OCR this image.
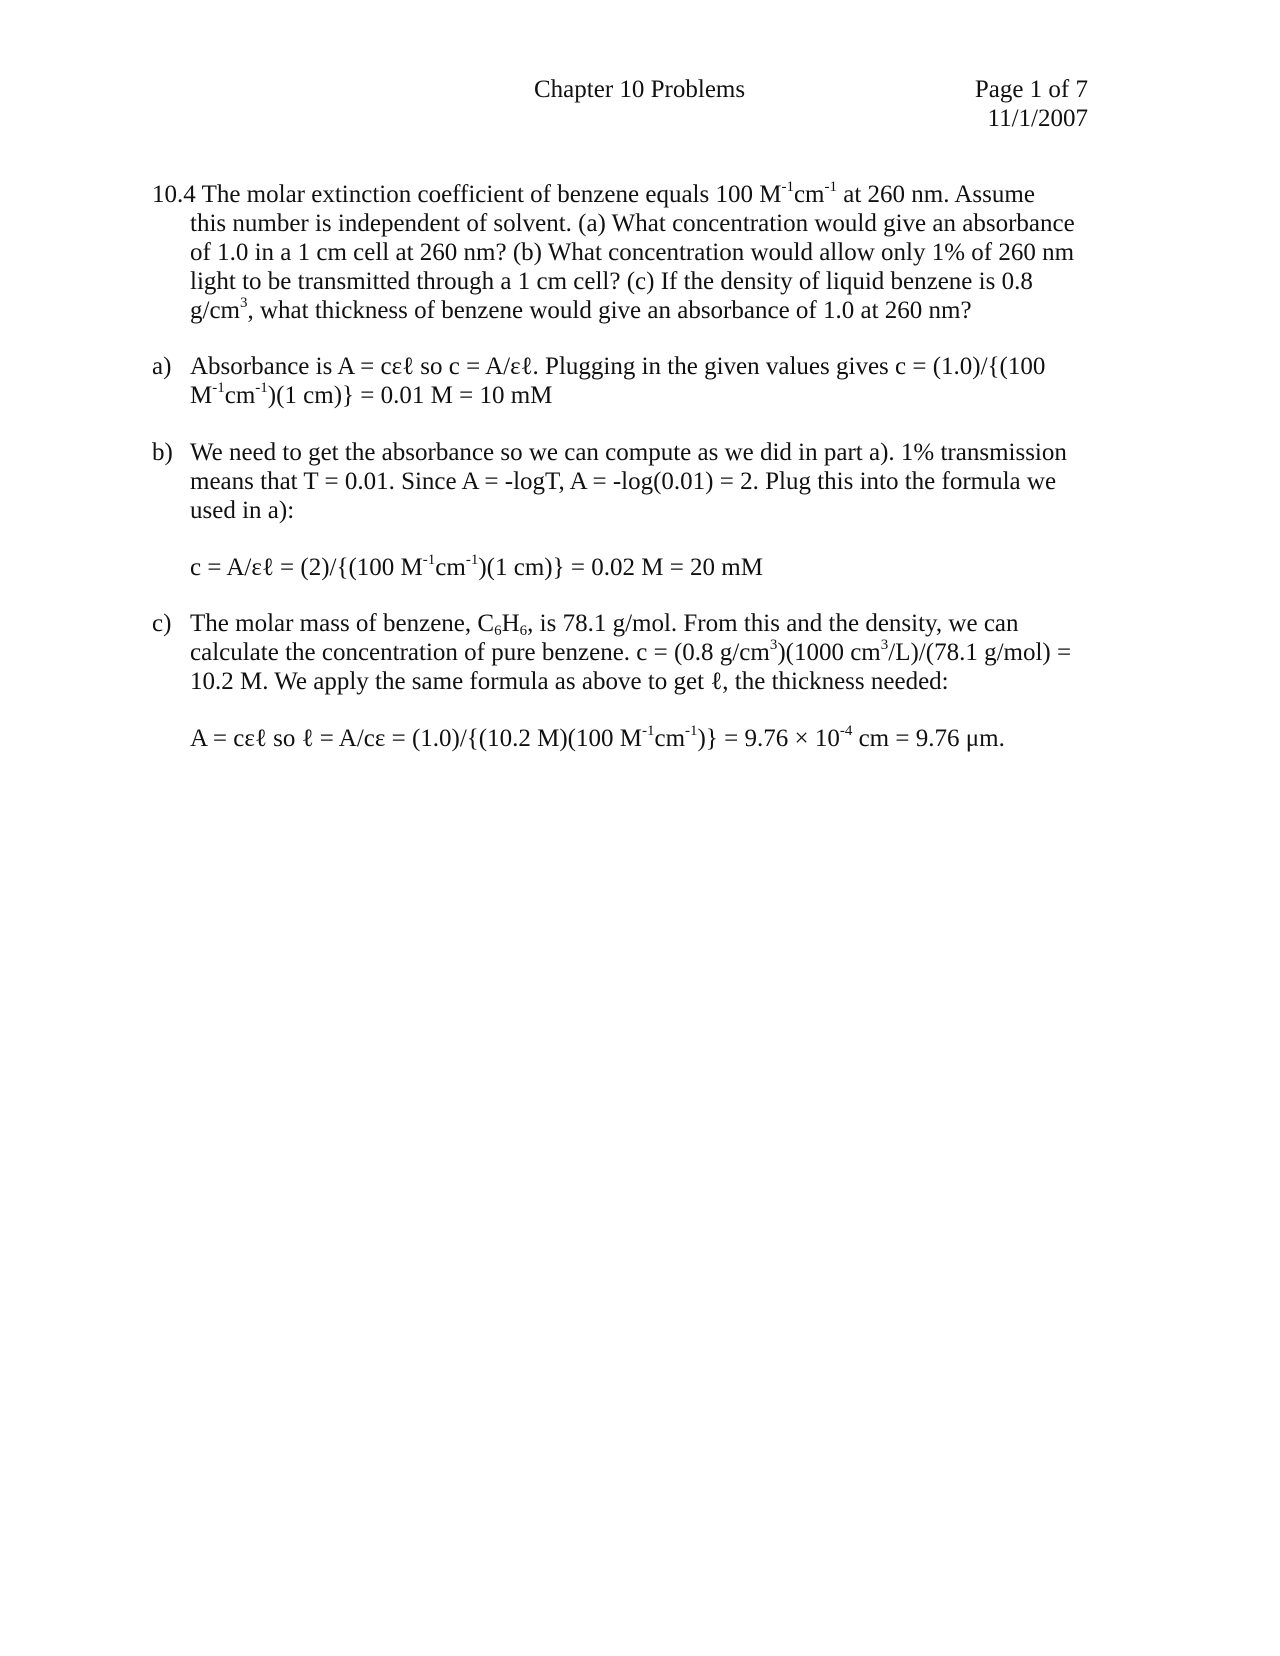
Chapter 10 Problems	Page 1 of 7
11/1/2007
10.4 The molar extinction coefficient of benzene equals 100 $M^{-1}cm^{-1}$ at 260 nm. Assume
this number is independent of solvent. (a) What concentration would give an absorbance
of 1.0 in a 1 cm cell at 260 nm? (b) What concentration would allow only 1% of 260 nm
light to be transmitted through a 1 cm cell? (c) If the density of liquid benzene is 0.8
$g/cm^3$, what thickness of benzene would give an absorbance of 1.0 at 260 nm?
a) Absorbance is A = cεℓ so c = A/εℓ. Plugging in the given values gives c = (1.0)/{(100
$M^{-1}cm^{-1})(1$ cm)} = 0.01 M = 10 mM
b) We need to get the absorbance so we can compute as we did in part a). 1% transmission
means that T = 0.01. Since A = -logT, A = -log(0.01) = 2. Plug this into the formula we
used in a):
c = A/εℓ = (2)/{(100 $M^{-1}cm^{-1})(1$ cm)} = 0.02 M = 20 mM
c) The molar mass of benzene, $C_6H_6$, is 78.1 g/mol. From this and the density, we can
calculate the concentration of pure benzene. c = (0.8 $g/cm^3)(1000$ $cm^3/L)/(78.1$ g/mol) =
10.2 M. We apply the same formula as above to get ℓ, the thickness needed:
A = cεℓ so ℓ = A/cε = (1.0)/{(10.2 M)(100 $M^{-1}cm^{-1})\} = 9.76 \times 10^{-4}$ cm = 9.76 μm.
